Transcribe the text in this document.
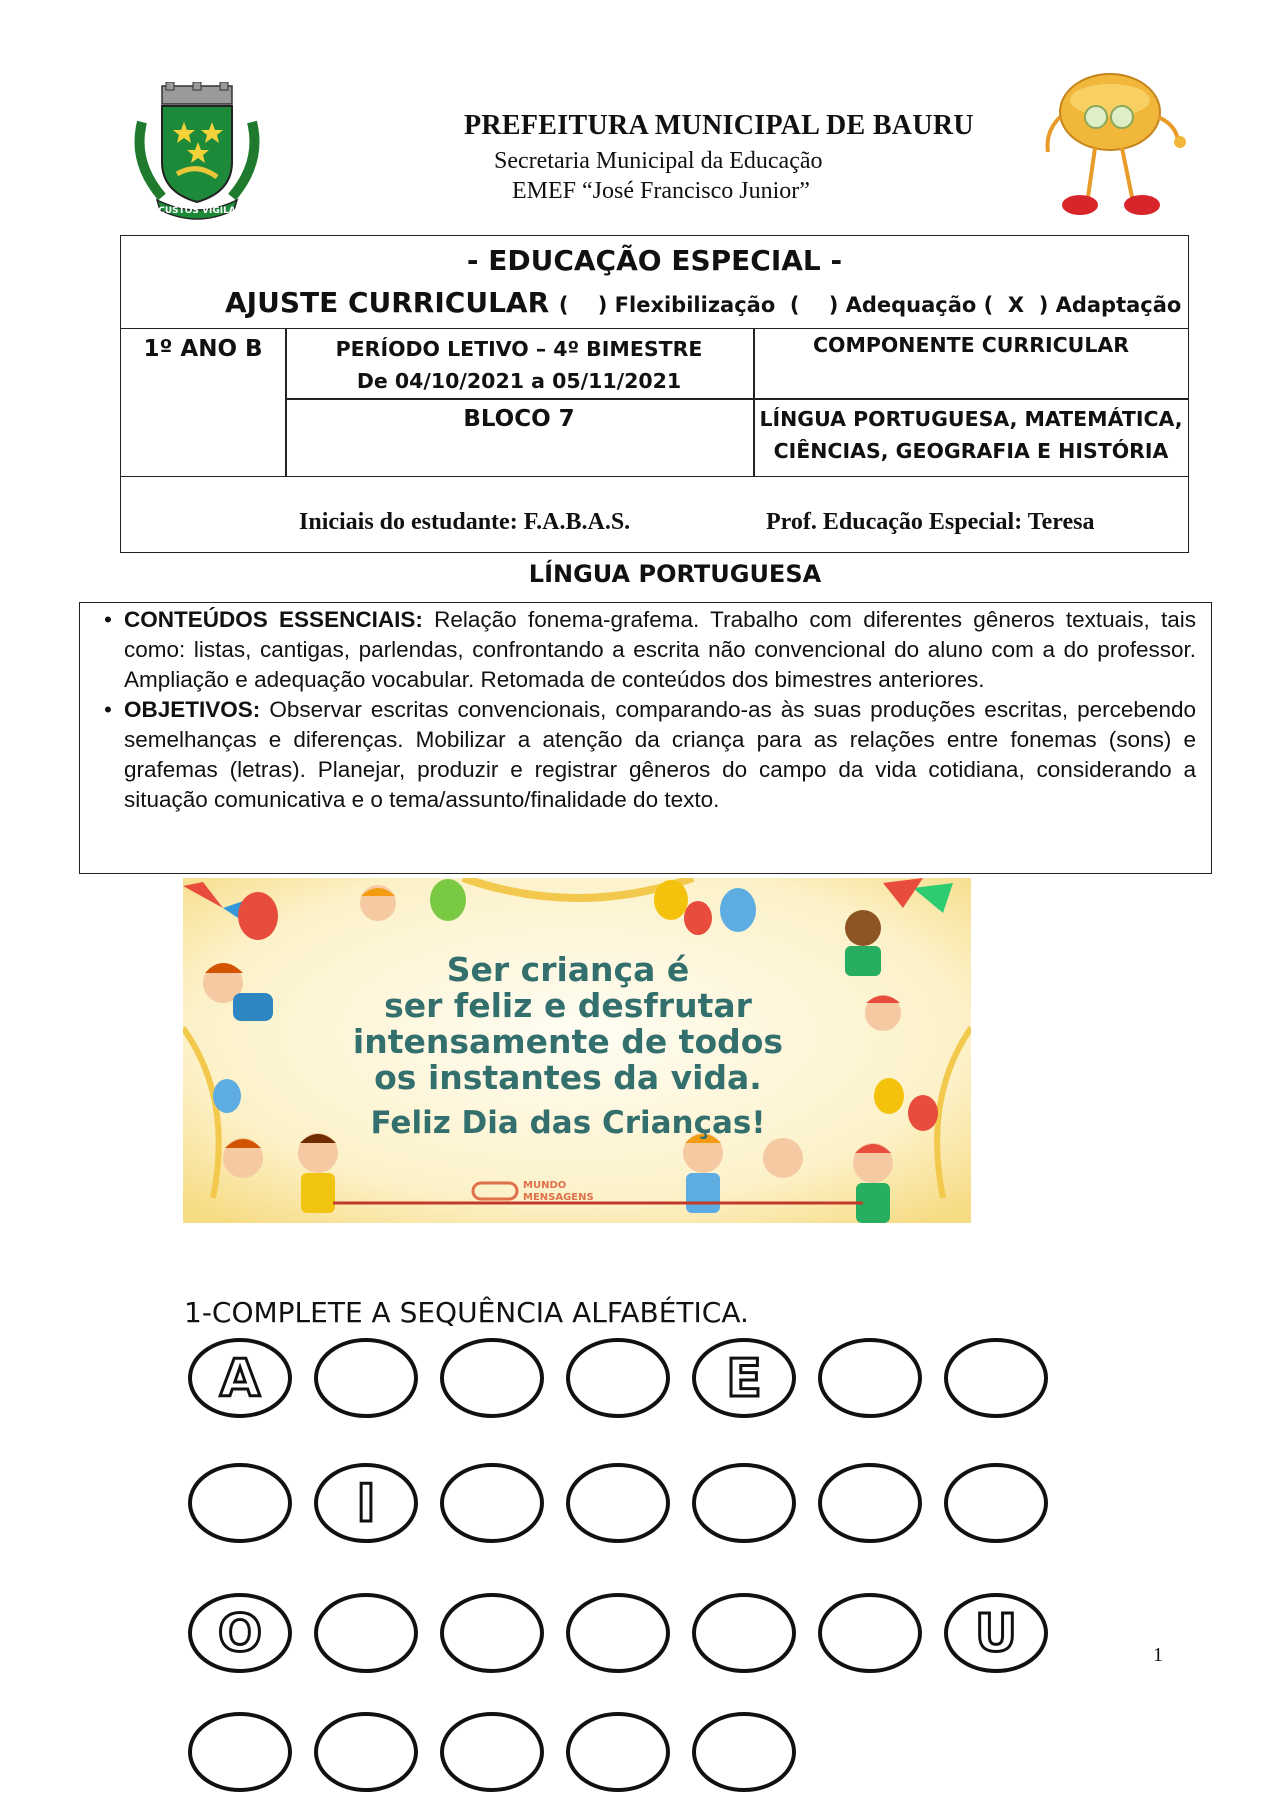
CUSTOS VIGILA
PREFEITURA MUNICIPAL DE BAURU
Secretaria Municipal da Educação
EMEF “José Francisco Junior”
- EDUCAÇÃO ESPECIAL -
AJUSTE CURRICULAR (    ) Flexibilização  (    ) Adequação (  X  ) Adaptação
1º ANO B	PERÍODO LETIVO – 4º BIMESTRE
De 04/10/2021 a 05/11/2021
COMPONENTE CURRICULAR
BLOCO 7	LÍNGUA PORTUGUESA, MATEMÁTICA,
CIÊNCIAS, GEOGRAFIA E HISTÓRIA
Iniciais do estudante: F.A.B.A.S.	Prof. Educação Especial: Teresa
LÍNGUA PORTUGUESA
• CONTEÚDOS ESSENCIAIS: Relação fonema-grafema. Trabalho com diferentes gêneros textuais, tais como: listas, cantigas, parlendas, confrontando a escrita não convencional do aluno com a do professor. Ampliação e adequação vocabular. Retomada de conteúdos dos bimestres anteriores.
• OBJETIVOS: Observar escritas convencionais, comparando-as às suas produções escritas, percebendo semelhanças e diferenças. Mobilizar a atenção da criança para as relações entre fonemas (sons) e grafemas (letras). Planejar, produzir e registrar gêneros do campo da vida cotidiana, considerando a situação comunicativa e o tema/assunto/finalidade do texto.
Ser criança é
ser feliz e desfrutar
intensamente de todos
os instantes da vida.
Feliz Dia das Crianças!
MUNDO
MENSAGENS
1-COMPLETE A SEQUÊNCIA ALFABÉTICA.
A	E
I
O	U	1
